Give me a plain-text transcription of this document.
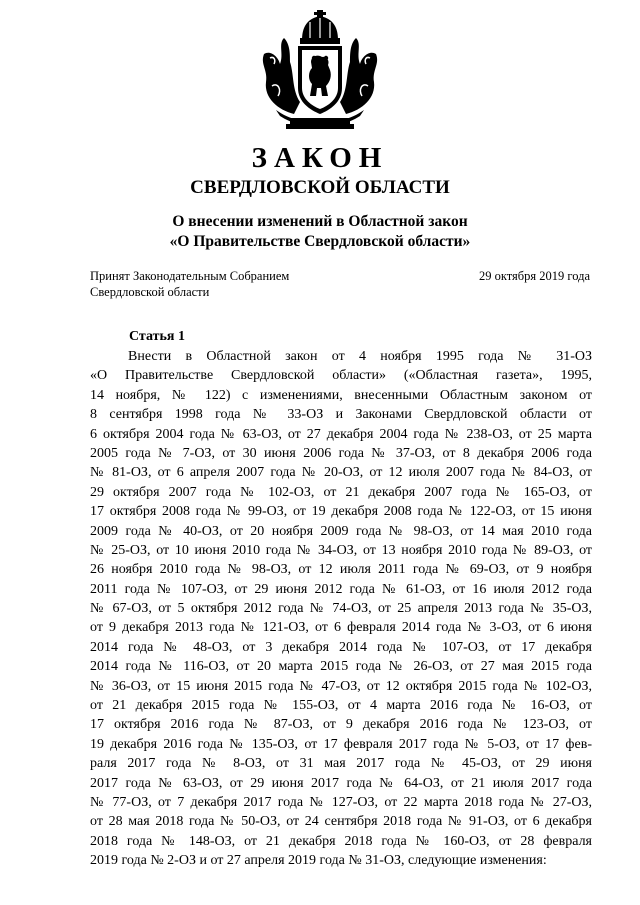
ЗАКОН
СВЕРДЛОВСКОЙ ОБЛАСТИ
О внесении изменений в Областной закон
«О Правительстве Свердловской области»
Принят Законодательным Собранием
Свердловской области
29 октября 2019 года
Статья 1
Внести в Областной закон от 4 ноября 1995 года № 31-ОЗ
«О Правительстве Свердловской области» («Областная газета», 1995,
14 ноября, № 122) с изменениями, внесенными Областным законом от
8 сентября 1998 года № 33-ОЗ и Законами Свердловской области от
6 октября 2004 года № 63-ОЗ, от 27 декабря 2004 года № 238-ОЗ, от 25 марта
2005 года № 7-ОЗ, от 30 июня 2006 года № 37-ОЗ, от 8 декабря 2006 года
№ 81-ОЗ, от 6 апреля 2007 года № 20-ОЗ, от 12 июля 2007 года № 84-ОЗ, от
29 октября 2007 года № 102-ОЗ, от 21 декабря 2007 года № 165-ОЗ, от
17 октября 2008 года № 99-ОЗ, от 19 декабря 2008 года № 122-ОЗ, от 15 июня
2009 года № 40-ОЗ, от 20 ноября 2009 года № 98-ОЗ, от 14 мая 2010 года
№ 25-ОЗ, от 10 июня 2010 года № 34-ОЗ, от 13 ноября 2010 года № 89-ОЗ, от
26 ноября 2010 года № 98-ОЗ, от 12 июля 2011 года № 69-ОЗ, от 9 ноября
2011 года № 107-ОЗ, от 29 июня 2012 года № 61-ОЗ, от 16 июля 2012 года
№ 67-ОЗ, от 5 октября 2012 года № 74-ОЗ, от 25 апреля 2013 года № 35-ОЗ,
от 9 декабря 2013 года № 121-ОЗ, от 6 февраля 2014 года № 3-ОЗ, от 6 июня
2014 года № 48-ОЗ, от 3 декабря 2014 года № 107-ОЗ, от 17 декабря
2014 года № 116-ОЗ, от 20 марта 2015 года № 26-ОЗ, от 27 мая 2015 года
№ 36-ОЗ, от 15 июня 2015 года № 47-ОЗ, от 12 октября 2015 года № 102-ОЗ,
от 21 декабря 2015 года № 155-ОЗ, от 4 марта 2016 года № 16-ОЗ, от
17 октября 2016 года № 87-ОЗ, от 9 декабря 2016 года № 123-ОЗ, от
19 декабря 2016 года № 135-ОЗ, от 17 февраля 2017 года № 5-ОЗ, от 17 фев-
раля 2017 года № 8-ОЗ, от 31 мая 2017 года № 45-ОЗ, от 29 июня
2017 года № 63-ОЗ, от 29 июня 2017 года № 64-ОЗ, от 21 июля 2017 года
№ 77-ОЗ, от 7 декабря 2017 года № 127-ОЗ, от 22 марта 2018 года № 27-ОЗ,
от 28 мая 2018 года № 50-ОЗ, от 24 сентября 2018 года № 91-ОЗ, от 6 декабря
2018 года № 148-ОЗ, от 21 декабря 2018 года № 160-ОЗ, от 28 февраля
2019 года № 2-ОЗ и от 27 апреля 2019 года № 31-ОЗ, следующие изменения:
